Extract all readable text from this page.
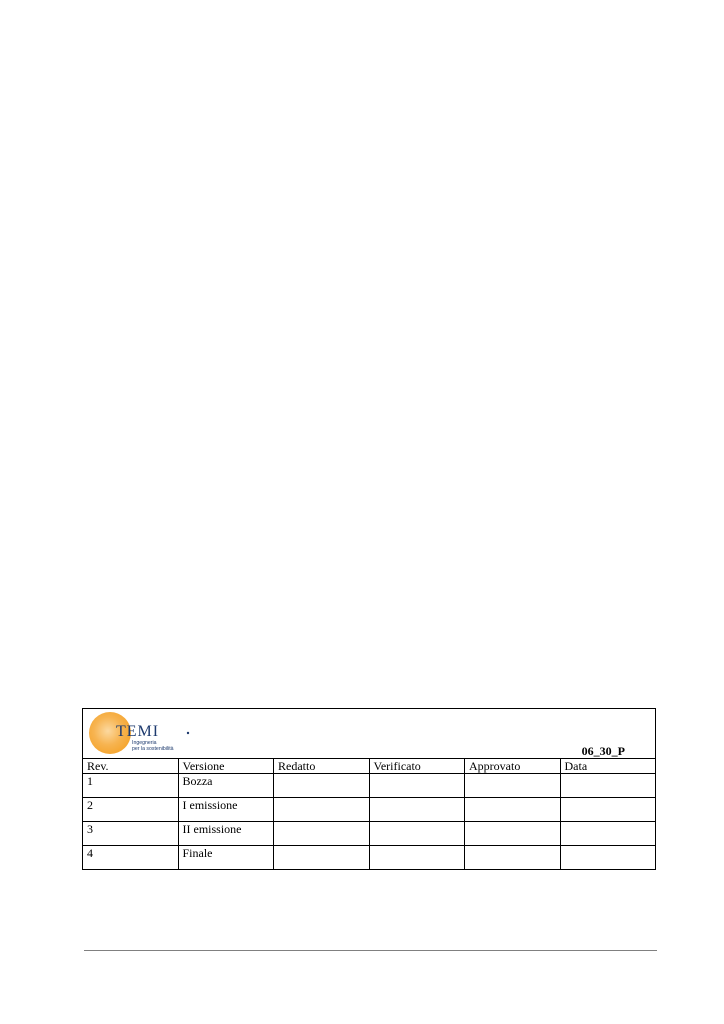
TEMI
Ingegneria
per la sostenibilità	06_30_P
Rev.	Versione	Redatto	Verificato	Approvato	Data
1	Bozza				
2	I emissione				
3	II emissione				
4	Finale				
